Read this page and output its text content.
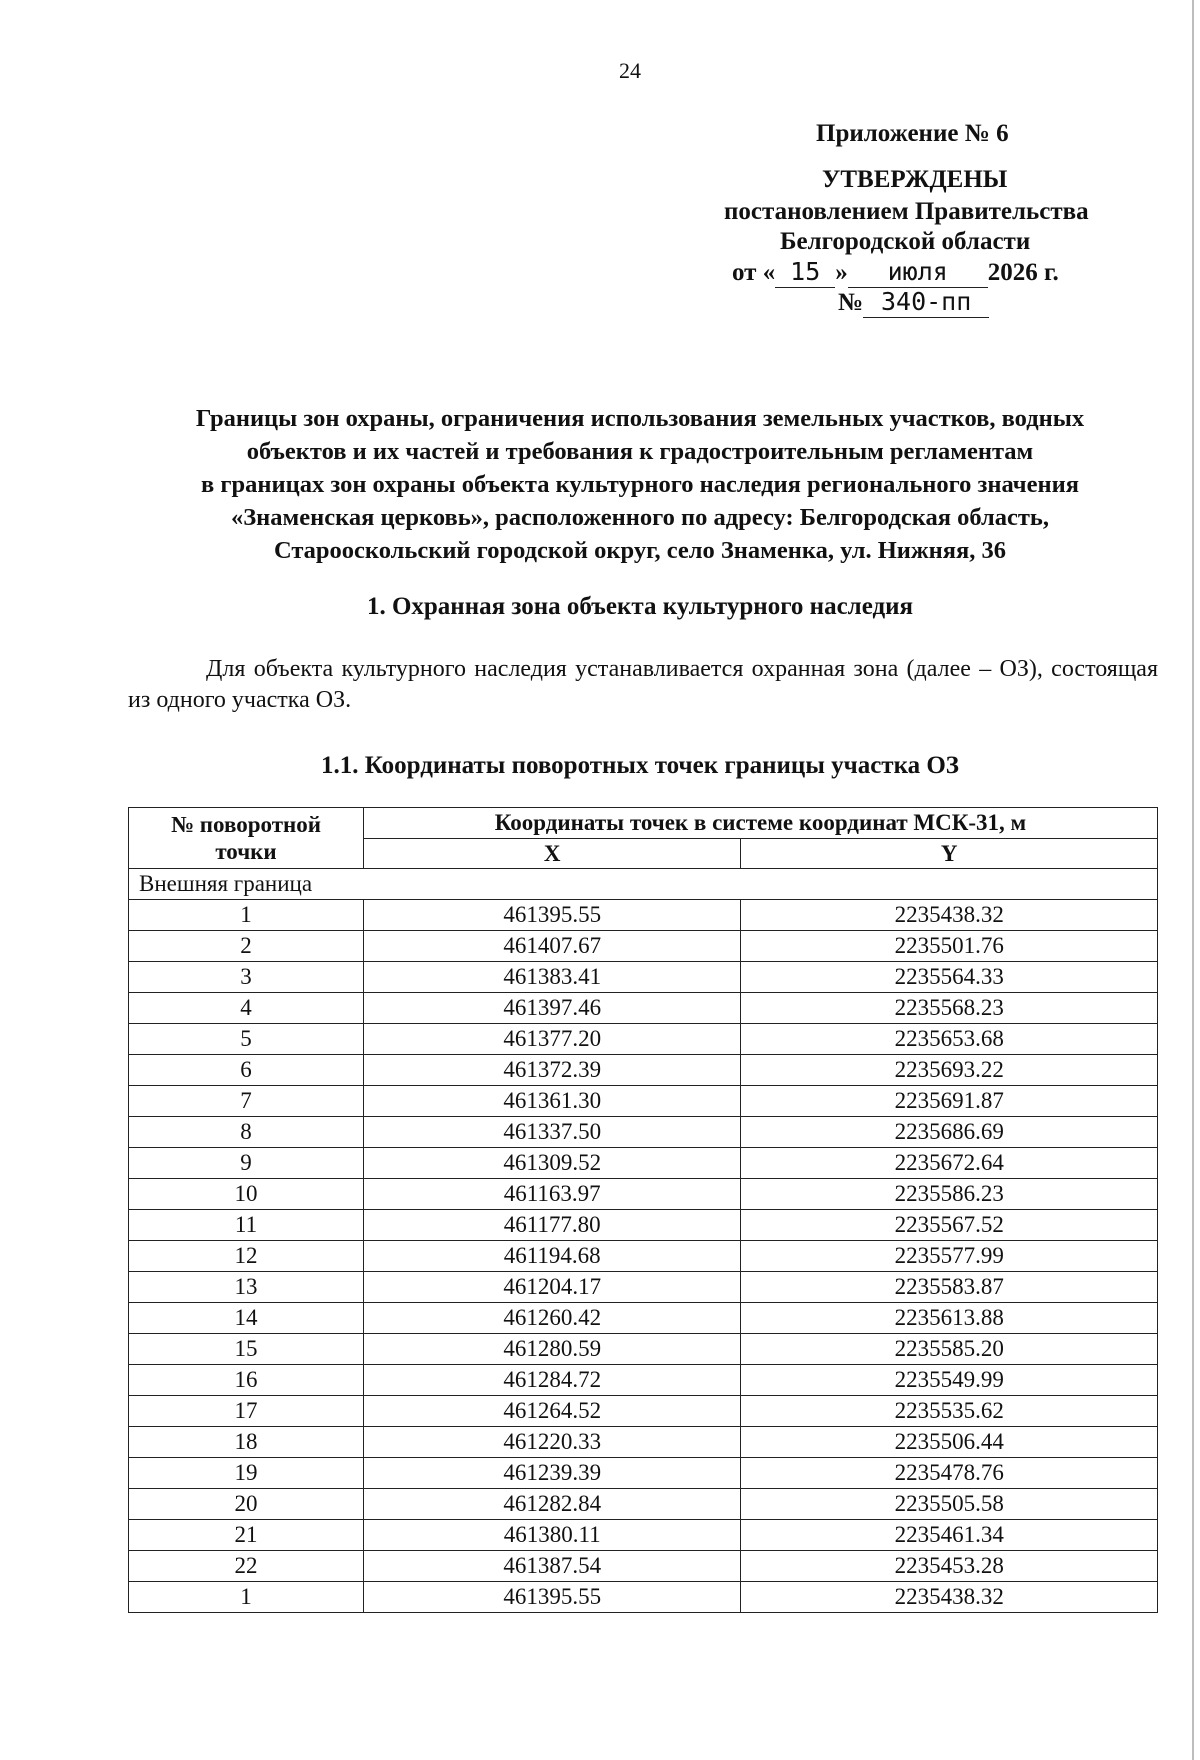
24
Приложение № 6
УТВЕРЖДЕНЫ
постановлением Правительства
Белгородской области
от « 15 » июля 2026 г.
№ 340-пп
Границы зон охраны, ограничения использования земельных участков, водных
объектов и их частей и требования к градостроительным регламентам
в границах зон охраны объекта культурного наследия регионального значения
«Знаменская церковь», расположенного по адресу: Белгородская область,
Старооскольский городской округ, село Знаменка, ул. Нижняя, 36
1. Охранная зона объекта культурного наследия
Для объекта культурного наследия устанавливается охранная зона (далее – ОЗ), состоящая из одного участка ОЗ.
1.1. Координаты поворотных точек границы участка ОЗ
№ поворотной
точки	Координаты точек в системе координат МСК-31, м	
	X	Y
Внешняя граница		
1	461395.55	2235438.32
2	461407.67	2235501.76
3	461383.41	2235564.33
4	461397.46	2235568.23
5	461377.20	2235653.68
6	461372.39	2235693.22
7	461361.30	2235691.87
8	461337.50	2235686.69
9	461309.52	2235672.64
10	461163.97	2235586.23
11	461177.80	2235567.52
12	461194.68	2235577.99
13	461204.17	2235583.87
14	461260.42	2235613.88
15	461280.59	2235585.20
16	461284.72	2235549.99
17	461264.52	2235535.62
18	461220.33	2235506.44
19	461239.39	2235478.76
20	461282.84	2235505.58
21	461380.11	2235461.34
22	461387.54	2235453.28
1	461395.55	2235438.32
